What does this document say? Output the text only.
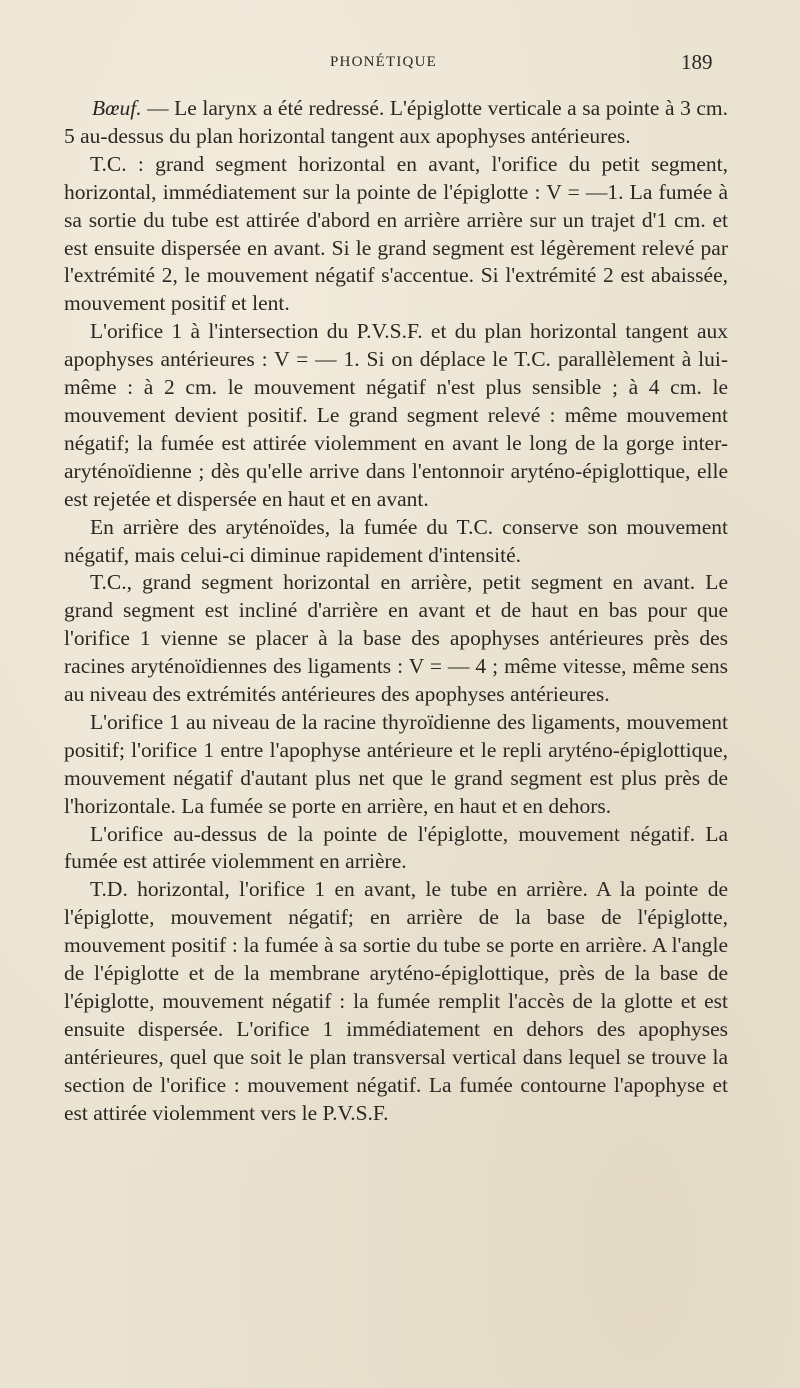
PHONÉTIQUE	189

Bœuf. — Le larynx a été redressé. L'épiglotte verticale a sa pointe à 3 cm. 5 au-dessus du plan horizontal tangent aux apophyses antérieures.

T.C. : grand segment horizontal en avant, l'orifice du petit segment, horizontal, immédiatement sur la pointe de l'épiglotte : V = —1. La fumée à sa sortie du tube est attirée d'abord en arrière arrière sur un trajet d'1 cm. et est ensuite dispersée en avant. Si le grand segment est légèrement relevé par l'extrémité 2, le mouvement négatif s'accentue. Si l'extrémité 2 est abaissée, mouvement positif et lent.

L'orifice 1 à l'intersection du P.V.S.F. et du plan horizontal tangent aux apophyses antérieures : V = — 1. Si on déplace le T.C. parallèlement à lui-même : à 2 cm. le mouvement négatif n'est plus sensible ; à 4 cm. le mouvement devient positif. Le grand segment relevé : même mouvement négatif; la fumée est attirée violemment en avant le long de la gorge inter-aryténoïdienne ; dès qu'elle arrive dans l'entonnoir aryténo-épiglottique, elle est rejetée et dispersée en haut et en avant.

En arrière des aryténoïdes, la fumée du T.C. conserve son mouvement négatif, mais celui-ci diminue rapidement d'intensité.

T.C., grand segment horizontal en arrière, petit segment en avant. Le grand segment est incliné d'arrière en avant et de haut en bas pour que l'orifice 1 vienne se placer à la base des apophyses antérieures près des racines aryténoïdiennes des ligaments : V = — 4 ; même vitesse, même sens au niveau des extrémités antérieures des apophyses antérieures.

L'orifice 1 au niveau de la racine thyroïdienne des ligaments, mouvement positif; l'orifice 1 entre l'apophyse antérieure et le repli aryténo-épiglottique, mouvement négatif d'autant plus net que le grand segment est plus près de l'horizontale. La fumée se porte en arrière, en haut et en dehors.

L'orifice au-dessus de la pointe de l'épiglotte, mouvement négatif. La fumée est attirée violemment en arrière.

T.D. horizontal, l'orifice 1 en avant, le tube en arrière. A la pointe de l'épiglotte, mouvement négatif; en arrière de la base de l'épiglotte, mouvement positif : la fumée à sa sortie du tube se porte en arrière. A l'angle de l'épiglotte et de la membrane aryténo-épiglottique, près de la base de l'épiglotte, mouvement négatif : la fumée remplit l'accès de la glotte et est ensuite dispersée. L'orifice 1 immédiatement en dehors des apophyses antérieures, quel que soit le plan transversal vertical dans lequel se trouve la section de l'orifice : mouvement négatif. La fumée contourne l'apophyse et est attirée violemment vers le P.V.S.F.
